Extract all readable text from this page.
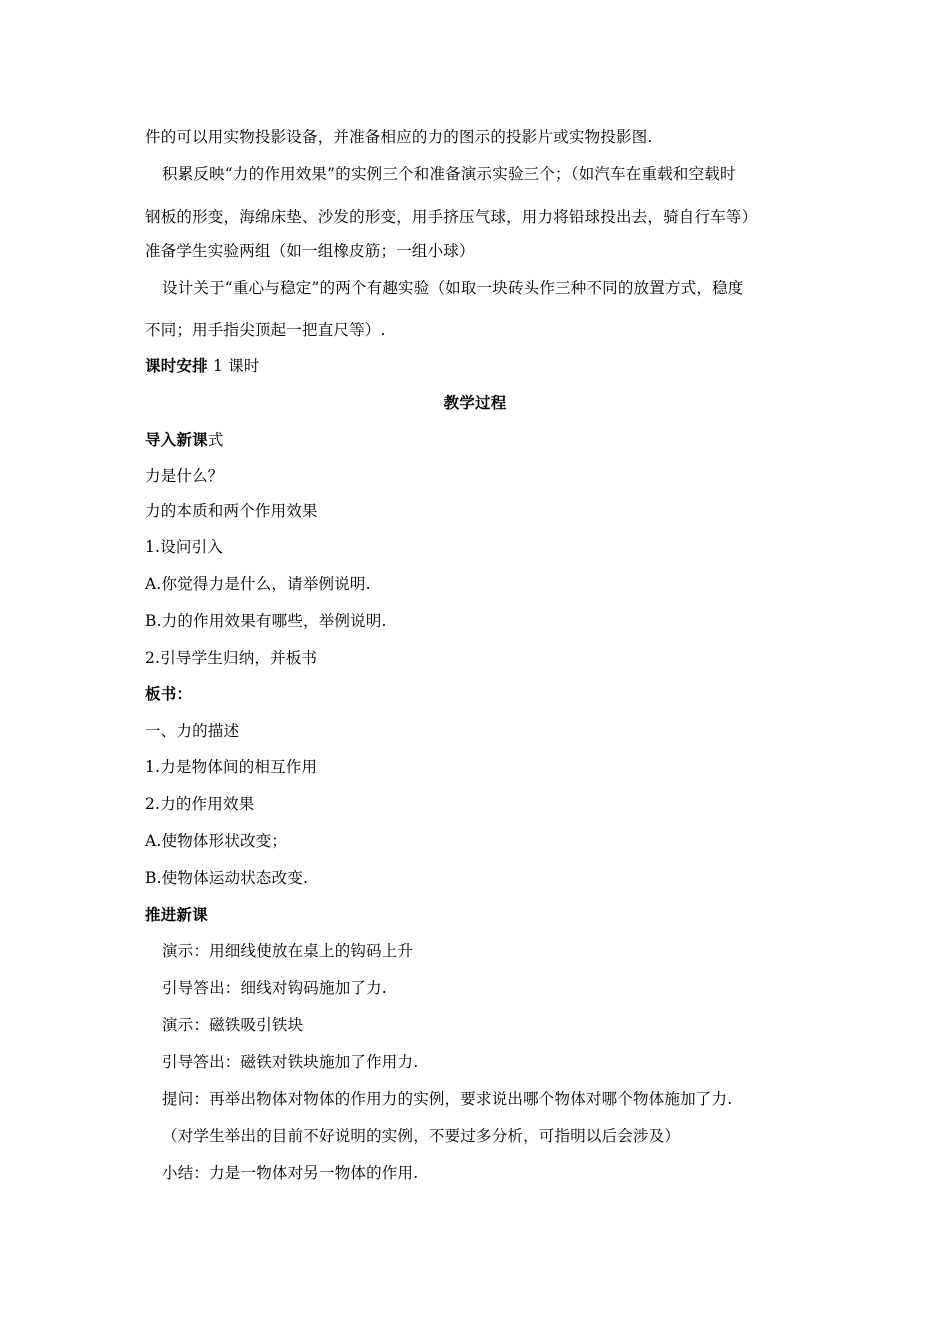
件的可以用实物投影设备，并准备相应的力的图示的投影片或实物投影图.
积累反映“力的作用效果”的实例三个和准备演示实验三个；（如汽车在重载和空载时
钢板的形变，海绵床垫、沙发的形变，用手挤压气球，用力将铅球投出去，骑自行车等）
准备学生实验两组（如一组橡皮筋；一组小球）
设计关于“重心与稳定”的两个有趣实验（如取一块砖头作三种不同的放置方式，稳度
不同；用手指尖顶起一把直尺等）.
课时安排 1 课时
教学过程
导入新课式
力是什么？
力的本质和两个作用效果
1.设问引入
A.你觉得力是什么，请举例说明.
B.力的作用效果有哪些，举例说明.
2.引导学生归纳，并板书
板书：
一、力的描述
1.力是物体间的相互作用
2.力的作用效果
A.使物体形状改变；
B.使物体运动状态改变.
推进新课
演示：用细线使放在桌上的钩码上升
引导答出：细线对钩码施加了力.
演示：磁铁吸引铁块
引导答出：磁铁对铁块施加了作用力.
提问：再举出物体对物体的作用力的实例，要求说出哪个物体对哪个物体施加了力.
（对学生举出的目前不好说明的实例，不要过多分析，可指明以后会涉及）
小结：力是一物体对另一物体的作用.
